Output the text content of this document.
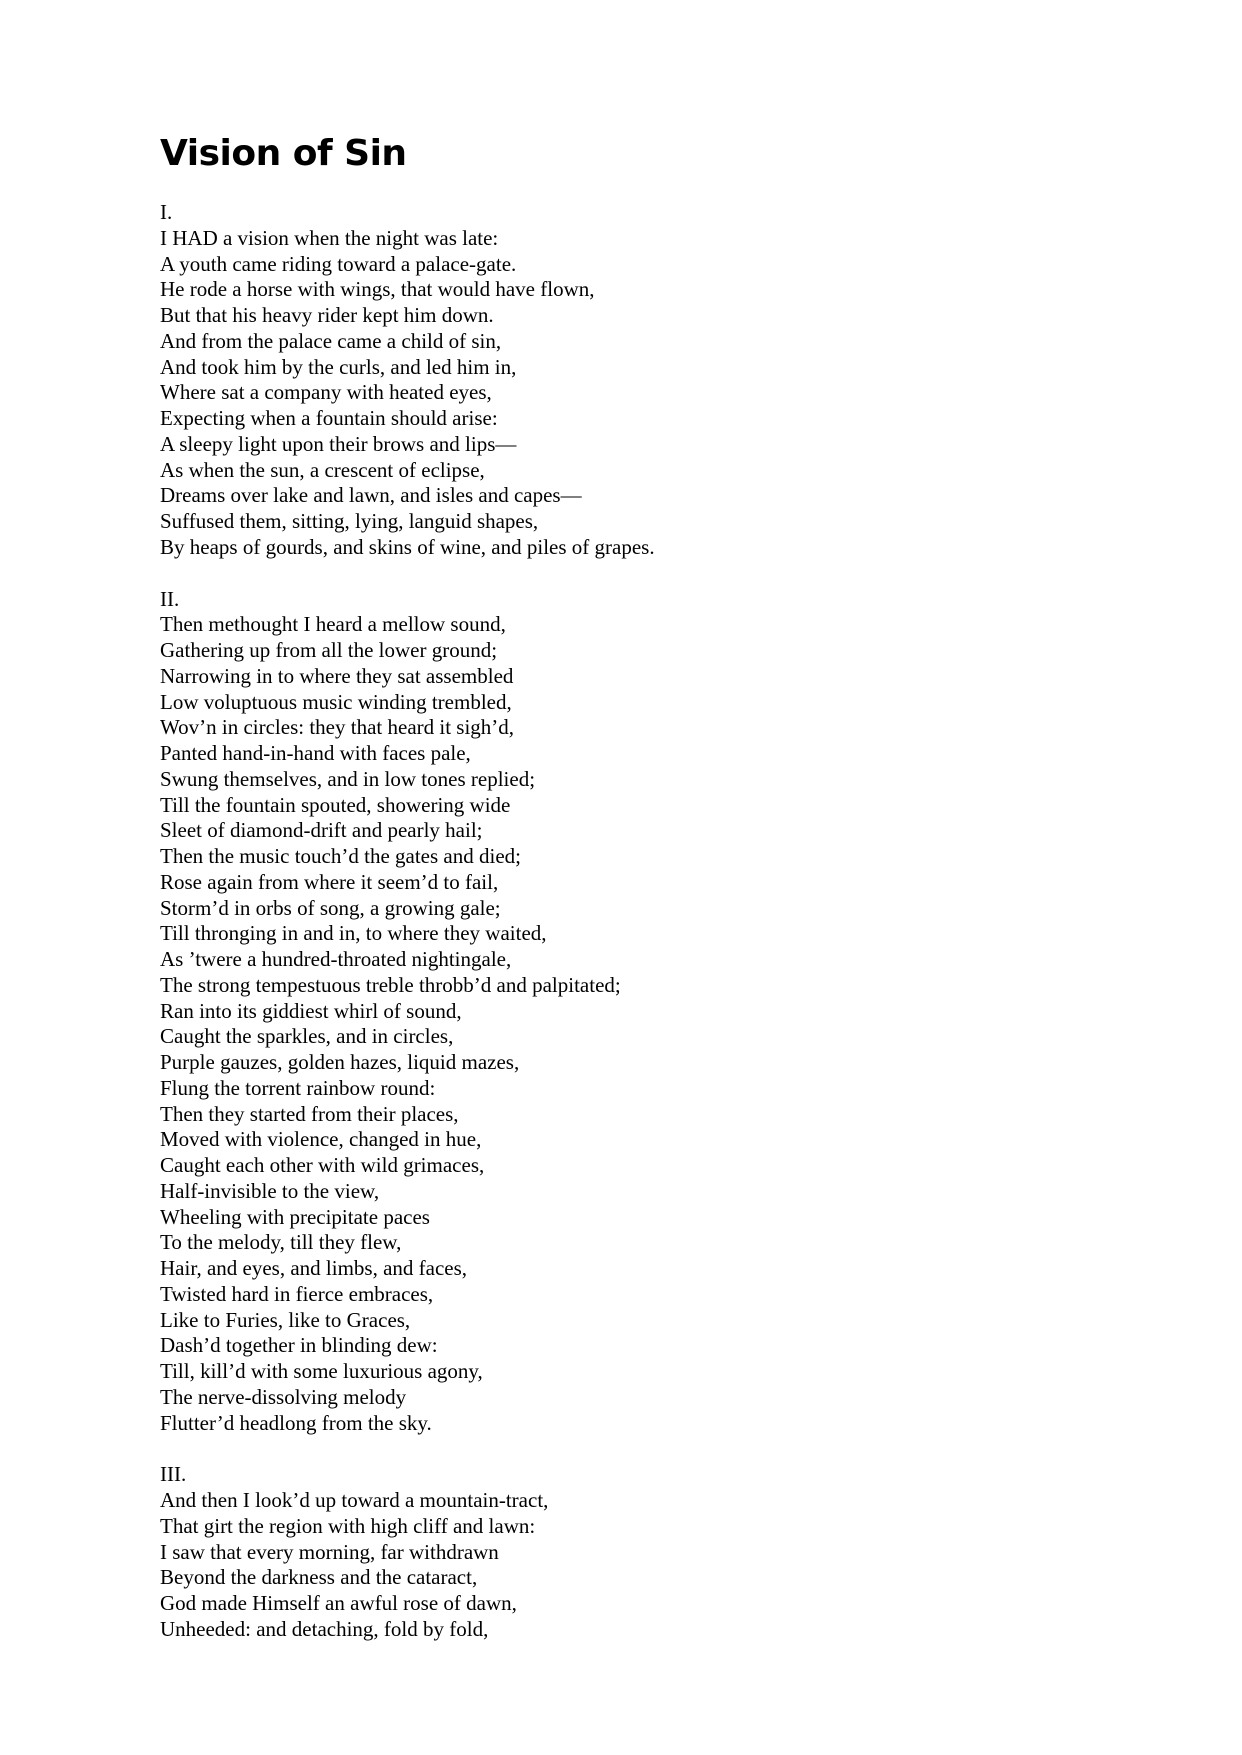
Vision of Sin
I.
I HAD a vision when the night was late:
A youth came riding toward a palace-gate.
He rode a horse with wings, that would have flown,
But that his heavy rider kept him down.
And from the palace came a child of sin,
And took him by the curls, and led him in,
Where sat a company with heated eyes,
Expecting when a fountain should arise:
A sleepy light upon their brows and lips—
As when the sun, a crescent of eclipse,
Dreams over lake and lawn, and isles and capes—
Suffused them, sitting, lying, languid shapes,
By heaps of gourds, and skins of wine, and piles of grapes.
II.
Then methought I heard a mellow sound,
Gathering up from all the lower ground;
Narrowing in to where they sat assembled
Low voluptuous music winding trembled,
Wov’n in circles: they that heard it sigh’d,
Panted hand-in-hand with faces pale,
Swung themselves, and in low tones replied;
Till the fountain spouted, showering wide
Sleet of diamond-drift and pearly hail;
Then the music touch’d the gates and died;
Rose again from where it seem’d to fail,
Storm’d in orbs of song, a growing gale;
Till thronging in and in, to where they waited,
As ’twere a hundred-throated nightingale,
The strong tempestuous treble throbb’d and palpitated;
Ran into its giddiest whirl of sound,
Caught the sparkles, and in circles,
Purple gauzes, golden hazes, liquid mazes,
Flung the torrent rainbow round:
Then they started from their places,
Moved with violence, changed in hue,
Caught each other with wild grimaces,
Half-invisible to the view,
Wheeling with precipitate paces
To the melody, till they flew,
Hair, and eyes, and limbs, and faces,
Twisted hard in fierce embraces,
Like to Furies, like to Graces,
Dash’d together in blinding dew:
Till, kill’d with some luxurious agony,
The nerve-dissolving melody
Flutter’d headlong from the sky.
III.
And then I look’d up toward a mountain-tract,
That girt the region with high cliff and lawn:
I saw that every morning, far withdrawn
Beyond the darkness and the cataract,
God made Himself an awful rose of dawn,
Unheeded: and detaching, fold by fold,
